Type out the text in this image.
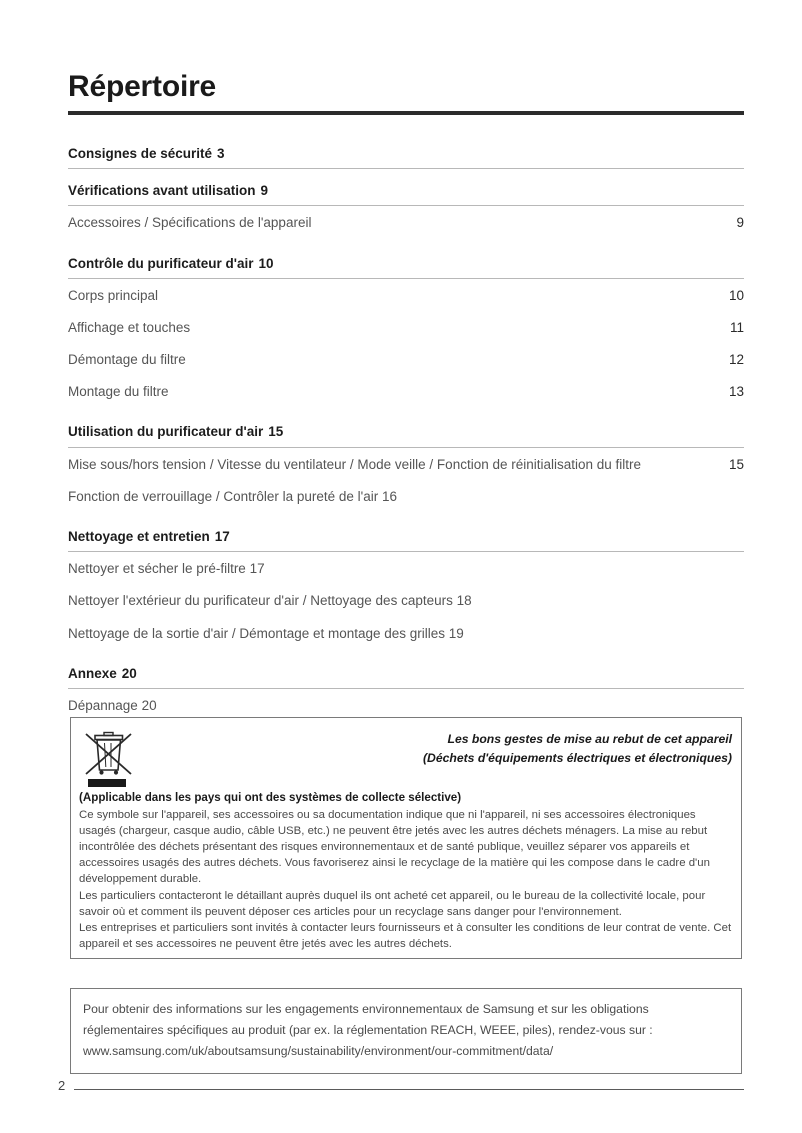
Répertoire
Consignes de sécurité 3
Vérifications avant utilisation 9
Accessoires / Spécifications de l'appareil	9
Contrôle du purificateur d'air 10
Corps principal	10
Affichage et touches	11
Démontage du filtre	12
Montage du filtre	13
Utilisation du purificateur d'air 15
Mise sous/hors tension / Vitesse du ventilateur / Mode veille / Fonction de réinitialisation du filtre	15
Fonction de verrouillage / Contrôler la pureté de l'air 16
Nettoyage et entretien 17
Nettoyer et sécher le pré-filtre 17
Nettoyer l'extérieur du purificateur d'air / Nettoyage des capteurs 18
Nettoyage de la sortie d'air / Démontage et montage des grilles 19
Annexe 20
Dépannage 20
Les bons gestes de mise au rebut de cet appareil
(Déchets d'équipements électriques et électroniques)
(Applicable dans les pays qui ont des systèmes de collecte sélective)

Ce symbole sur l'appareil, ses accessoires ou sa documentation indique que ni l'appareil, ni ses accessoires électroniques usagés (chargeur, casque audio, câble USB, etc.) ne peuvent être jetés avec les autres déchets ménagers. La mise au rebut incontrôlée des déchets présentant des risques environnementaux et de santé publique, veuillez séparer vos appareils et accessoires usagés des autres déchets. Vous favoriserez ainsi le recyclage de la matière qui les compose dans le cadre d'un développement durable.

Les particuliers contacteront le détaillant auprès duquel ils ont acheté cet appareil, ou le bureau de la collectivité locale, pour savoir où et comment ils peuvent déposer ces articles pour un recyclage sans danger pour l'environnement.

Les entreprises et particuliers sont invités à contacter leurs fournisseurs et à consulter les conditions de leur contrat de vente. Cet appareil et ses accessoires ne peuvent être jetés avec les autres déchets.

Pour obtenir des informations sur les engagements environnementaux de Samsung et sur les obligations réglementaires spécifiques au produit (par ex. la réglementation REACH, WEEE, piles), rendez-vous sur : www.samsung.com/uk/aboutsamsung/sustainability/environment/our-commitment/data/

2
